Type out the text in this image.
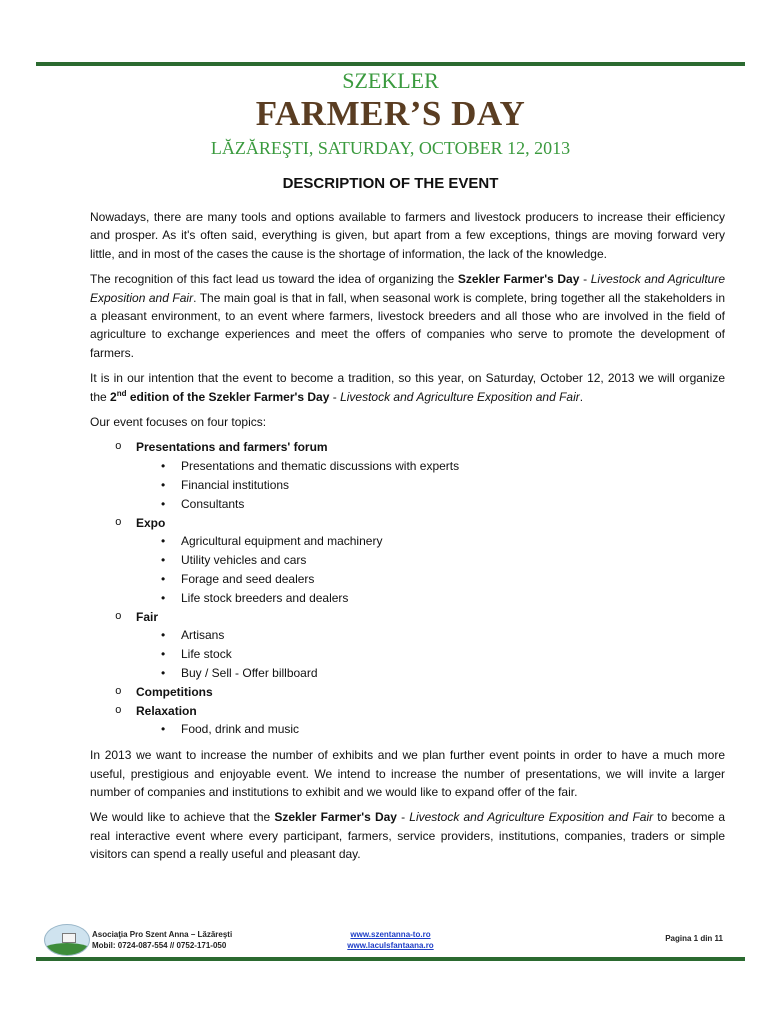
SZEKLER
FARMER’S DAY
LĂZĂREŞTI, SATURDAY, OCTOBER 12, 2013
DESCRIPTION OF THE EVENT

Nowadays, there are many tools and options available to farmers and livestock producers to increase their efficiency and prosper. As it's often said, everything is given, but apart from a few exceptions, things are moving forward very little, and in most of the cases the cause is the shortage of information, the lack of the knowledge.

The recognition of this fact lead us toward the idea of organizing the Szekler Farmer's Day - Livestock and Agriculture Exposition and Fair. The main goal is that in fall, when seasonal work is complete, bring together all the stakeholders in a pleasant environment, to an event where farmers, livestock breeders and all those who are involved in the field of agriculture to exchange experiences and meet the offers of companies who serve to promote the development of farmers.

It is in our intention that the event to become a tradition, so this year, on Saturday, October 12, 2013 we will organize the 2nd edition of the Szekler Farmer's Day - Livestock and Agriculture Exposition and Fair.

Our event focuses on four topics:

o Presentations and farmers' forum
• Presentations and thematic discussions with experts
• Financial institutions
• Consultants
o Expo
• Agricultural equipment and machinery
• Utility vehicles and cars
• Forage and seed dealers
• Life stock breeders and dealers
o Fair
• Artisans
• Life stock
• Buy / Sell - Offer billboard
o Competitions
o Relaxation
• Food, drink and music

In 2013 we want to increase the number of exhibits and we plan further event points in order to have a much more useful, prestigious and enjoyable event. We intend to increase the number of presentations, we will invite a larger number of companies and institutions to exhibit and we would like to expand offer of the fair.

We would like to achieve that the Szekler Farmer's Day - Livestock and Agriculture Exposition and Fair to become a real interactive event where every participant, farmers, service providers, institutions, companies, traders or simple visitors can spend a really useful and pleasant day.

Asociaţia Pro Szent Anna – Lăzăreşti
Mobil: 0724-087-554 // 0752-171-050
www.szentanna-to.ro
www.laculsfantaana.ro
Pagina 1 din 11
